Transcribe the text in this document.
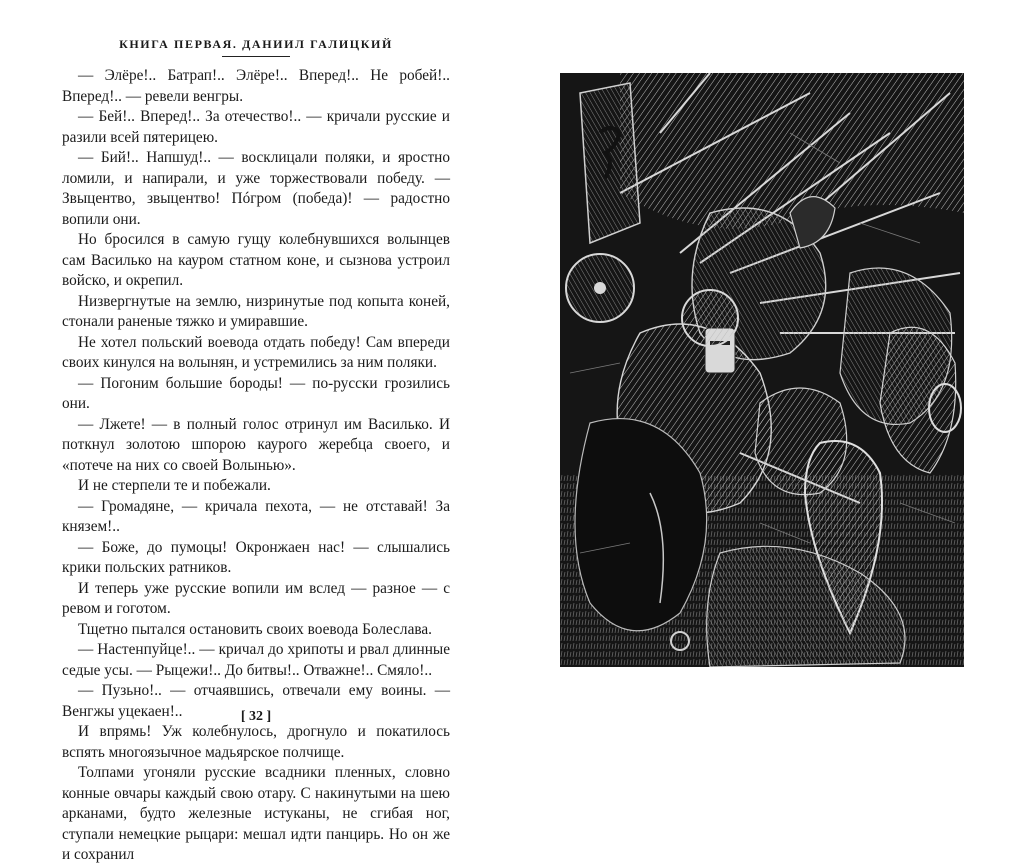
КНИГА ПЕРВАЯ. ДАНИИЛ ГАЛИЦКИЙ

— Элёре!.. Батрап!.. Элёре!.. Вперед!.. Не робей!.. Вперед!.. — ревели венгры.

— Бей!.. Вперед!.. За отечество!.. — кричали русские и разили всей пятерицею.

— Бий!.. Напшуд!.. — восклицали поляки, и яростно ломили, и напирали, и уже торжествовали победу. — Звыцентво, звыцентво! Пóгром (победа)! — радостно вопили они.

Но бросился в самую гущу колебнувшихся волынцев сам Василько на кауром статном коне, и сызнова устроил войско, и окрепил.

Низвергнутые на землю, низринутые под копыта коней, стонали раненые тяжко и умиравшие.

Не хотел польский воевода отдать победу! Сам впереди своих кинулся на волынян, и устремились за ним поляки.

— Погоним большие бороды! — по-русски грозились они.

— Лжете! — в полный голос отринул им Василько. И поткнул золотою шпорою каурого жеребца своего, и «потече на них со своей Волынью».

И не стерпели те и побежали.

— Громадяне, — кричала пехота, — не отставай! За князем!..

— Боже, до пумоцы! Окронжаен нас! — слышались крики польских ратников.

И теперь уже русские вопили им вслед — разное — с ревом и гоготом.

Тщетно пытался остановить своих воевода Болеслава.

— Настенпуйце!.. — кричал до хрипоты и рвал длинные седые усы. — Рыцежи!.. До битвы!.. Отважне!.. Смяло!..

— Пузьно!.. — отчаявшись, отвечали ему воины. — Венгжы уцекаен!..

И впрямь! Уж колебнулось, дрогнуло и покатилось вспять многоязычное мадьярское полчище.

Толпами угоняли русские всадники пленных, словно конные овчары каждый свою отару. С накинутыми на шею арканами, будто железные истуканы, не сгибая ног, ступали немецкие рыцари: мешал идти панцирь. Но он же и сохранил

[ 32 ]
